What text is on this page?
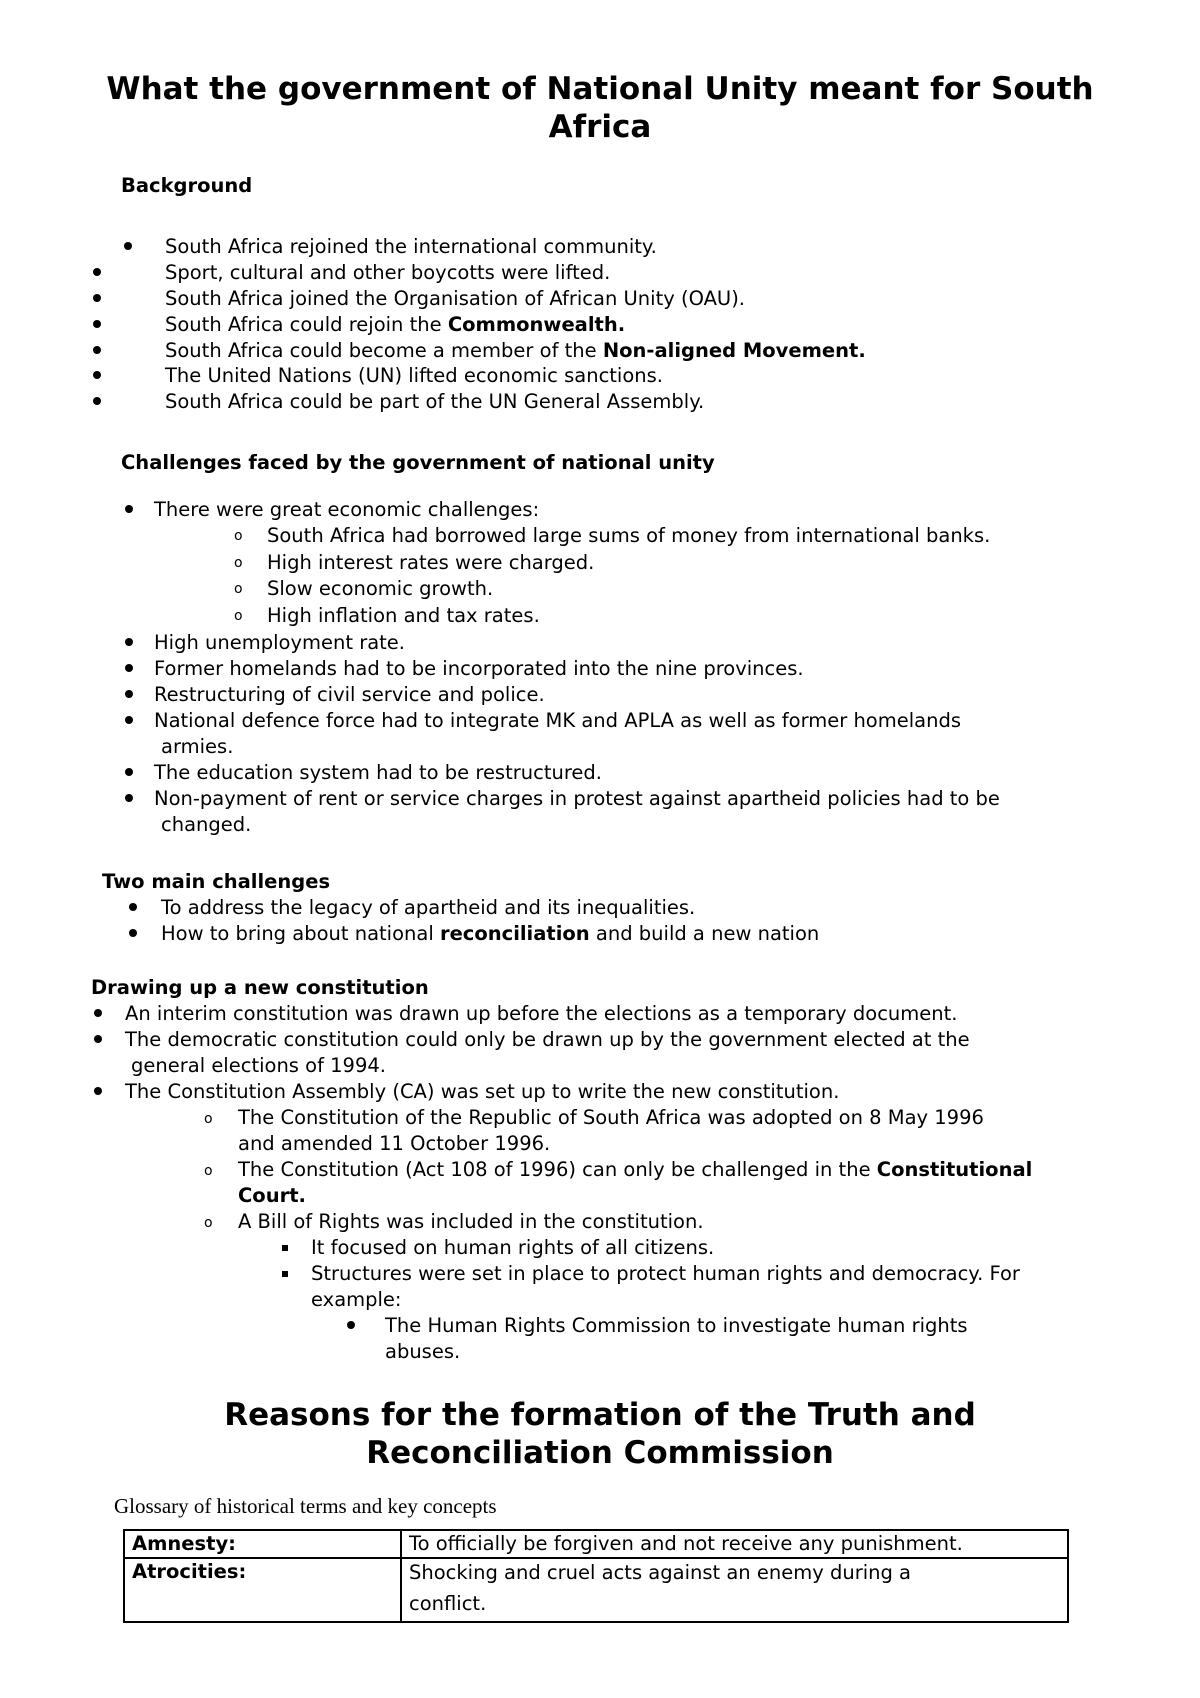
What the government of National Unity meant for South Africa
Background
South Africa rejoined the international community.
Sport, cultural and other boycotts were lifted.
South Africa joined the Organisation of African Unity (OAU).
South Africa could rejoin the Commonwealth.
South Africa could become a member of the Non-aligned Movement.
The United Nations (UN) lifted economic sanctions.
South Africa could be part of the UN General Assembly.
Challenges faced by the government of national unity
There were great economic challenges:
o South Africa had borrowed large sums of money from international banks.
o High interest rates were charged.
o Slow economic growth.
o High inflation and tax rates.
High unemployment rate.
Former homelands had to be incorporated into the nine provinces.
Restructuring of civil service and police.
National defence force had to integrate MK and APLA as well as former homelands
armies.
The education system had to be restructured.
Non-payment of rent or service charges in protest against apartheid policies had to be
changed.
Two main challenges
To address the legacy of apartheid and its inequalities.
How to bring about national reconciliation and build a new nation
Drawing up a new constitution
An interim constitution was drawn up before the elections as a temporary document.
The democratic constitution could only be drawn up by the government elected at the
general elections of 1994.
The Constitution Assembly (CA) was set up to write the new constitution.
o The Constitution of the Republic of South Africa was adopted on 8 May 1996
and amended 11 October 1996.
o The Constitution (Act 108 of 1996) can only be challenged in the Constitutional
Court.
o A Bill of Rights was included in the constitution.
It focused on human rights of all citizens.
Structures were set in place to protect human rights and democracy. For
example:
The Human Rights Commission to investigate human rights
abuses.
Reasons for the formation of the Truth and
Reconciliation Commission
Glossary of historical terms and key concepts
Amnesty:	To officially be forgiven and not receive any punishment.
Atrocities:	Shocking and cruel acts against an enemy during a
conflict.
